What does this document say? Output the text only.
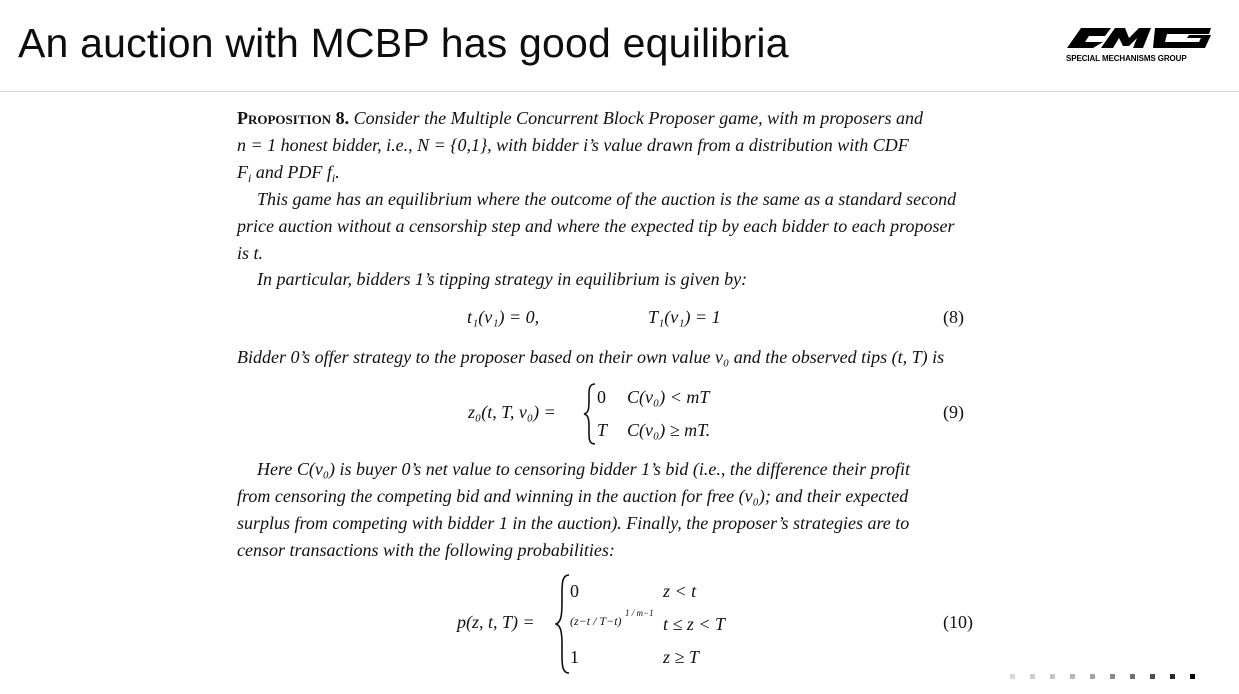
An auction with MCBP has good equilibria	SPECIAL MECHANISMS GROUP
Proposition 8. Consider the Multiple Concurrent Block Proposer game, with m proposers and
n = 1 honest bidder, i.e., N = {0,1}, with bidder i’s value drawn from a distribution with CDF
$F_i$ and PDF $f_i$.
This game has an equilibrium where the outcome of the auction is the same as a standard second
price auction without a censorship step and where the expected tip by each bidder to each proposer
is t.
In particular, bidders 1’s tipping strategy in equilibrium is given by:
t₁(v₁) = 0,	T₁(v₁) = 1	(8)
Bidder 0’s offer strategy to the proposer based on their own value v₀ and the observed tips (t, T) is
z₀(t, T, v₀) =
0 C(v₀) < mT
T C(v₀) ≥ mT.
(9)
Here C(v₀) is buyer 0’s net value to censoring bidder 1’s bid (i.e., the difference their profit
from censoring the competing bid and winning in the auction for free (v₀); and their expected
surplus from competing with bidder 1 in the auction). Finally, the proposer’s strategies are to
censor transactions with the following probabilities:
p(z, t, T) =
0	z < t
(z−t / T−t)
1 / m−1
t ≤ z < T
1	z ≥ T
(10)
